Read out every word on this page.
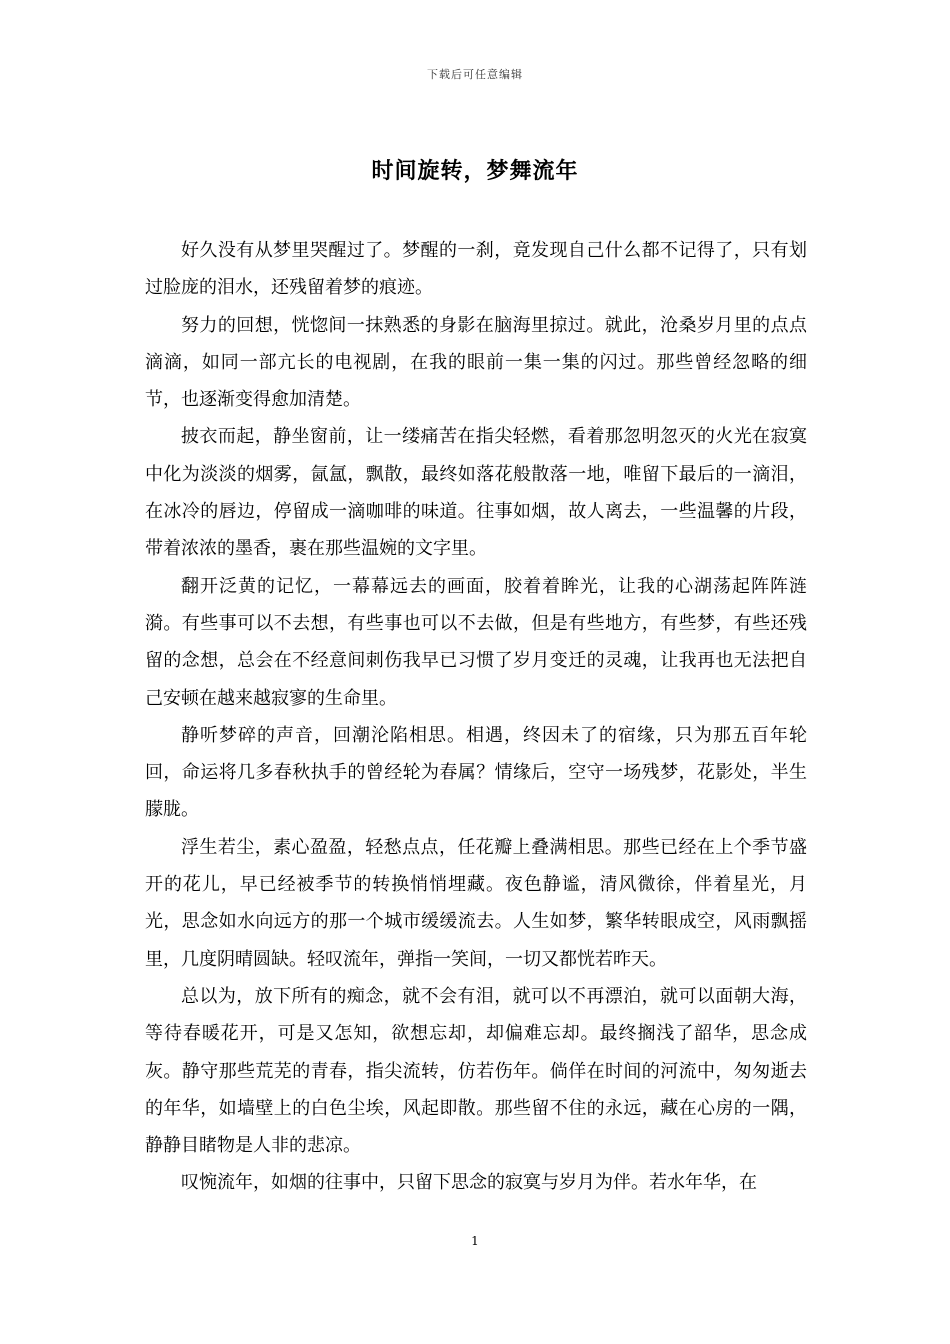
下载后可任意编辑
时间旋转，梦舞流年

好久没有从梦里哭醒过了。梦醒的一刹，竟发现自己什么都不记得了，只有划过脸庞的泪水，还残留着梦的痕迹。

努力的回想，恍惚间一抹熟悉的身影在脑海里掠过。就此，沧桑岁月里的点点滴滴，如同一部亢长的电视剧，在我的眼前一集一集的闪过。那些曾经忽略的细节，也逐渐变得愈加清楚。

披衣而起，静坐窗前，让一缕痛苦在指尖轻燃，看着那忽明忽灭的火光在寂寞中化为淡淡的烟雾，氤氲，飘散，最终如落花般散落一地，唯留下最后的一滴泪，在冰冷的唇边，停留成一滴咖啡的味道。往事如烟，故人离去，一些温馨的片段，带着浓浓的墨香，裹在那些温婉的文字里。

翻开泛黄的记忆，一幕幕远去的画面，胶着着眸光，让我的心湖荡起阵阵涟漪。有些事可以不去想，有些事也可以不去做，但是有些地方，有些梦，有些还残留的念想，总会在不经意间刺伤我早已习惯了岁月变迁的灵魂，让我再也无法把自己安顿在越来越寂寥的生命里。

静听梦碎的声音，回潮沦陷相思。相遇，终因未了的宿缘，只为那五百年轮回，命运将几多春秋执手的曾经轮为春属？情缘后，空守一场残梦，花影处，半生朦胧。

浮生若尘，素心盈盈，轻愁点点，任花瓣上叠满相思。那些已经在上个季节盛开的花儿，早已经被季节的转换悄悄埋藏。夜色静谧，清风微徐，伴着星光，月光，思念如水向远方的那一个城市缓缓流去。人生如梦，繁华转眼成空，风雨飘摇里，几度阴晴圆缺。轻叹流年，弹指一笑间，一切又都恍若昨天。

总以为，放下所有的痴念，就不会有泪，就可以不再漂泊，就可以面朝大海，等待春暖花开，可是又怎知，欲想忘却，却偏难忘却。最终搁浅了韶华，思念成灰。静守那些荒芜的青春，指尖流转，仿若伤年。倘佯在时间的河流中，匆匆逝去的年华，如墙壁上的白色尘埃，风起即散。那些留不住的永远，藏在心房的一隅，静静目睹物是人非的悲凉。

叹惋流年，如烟的往事中，只留下思念的寂寞与岁月为伴。若水年华，在

1
